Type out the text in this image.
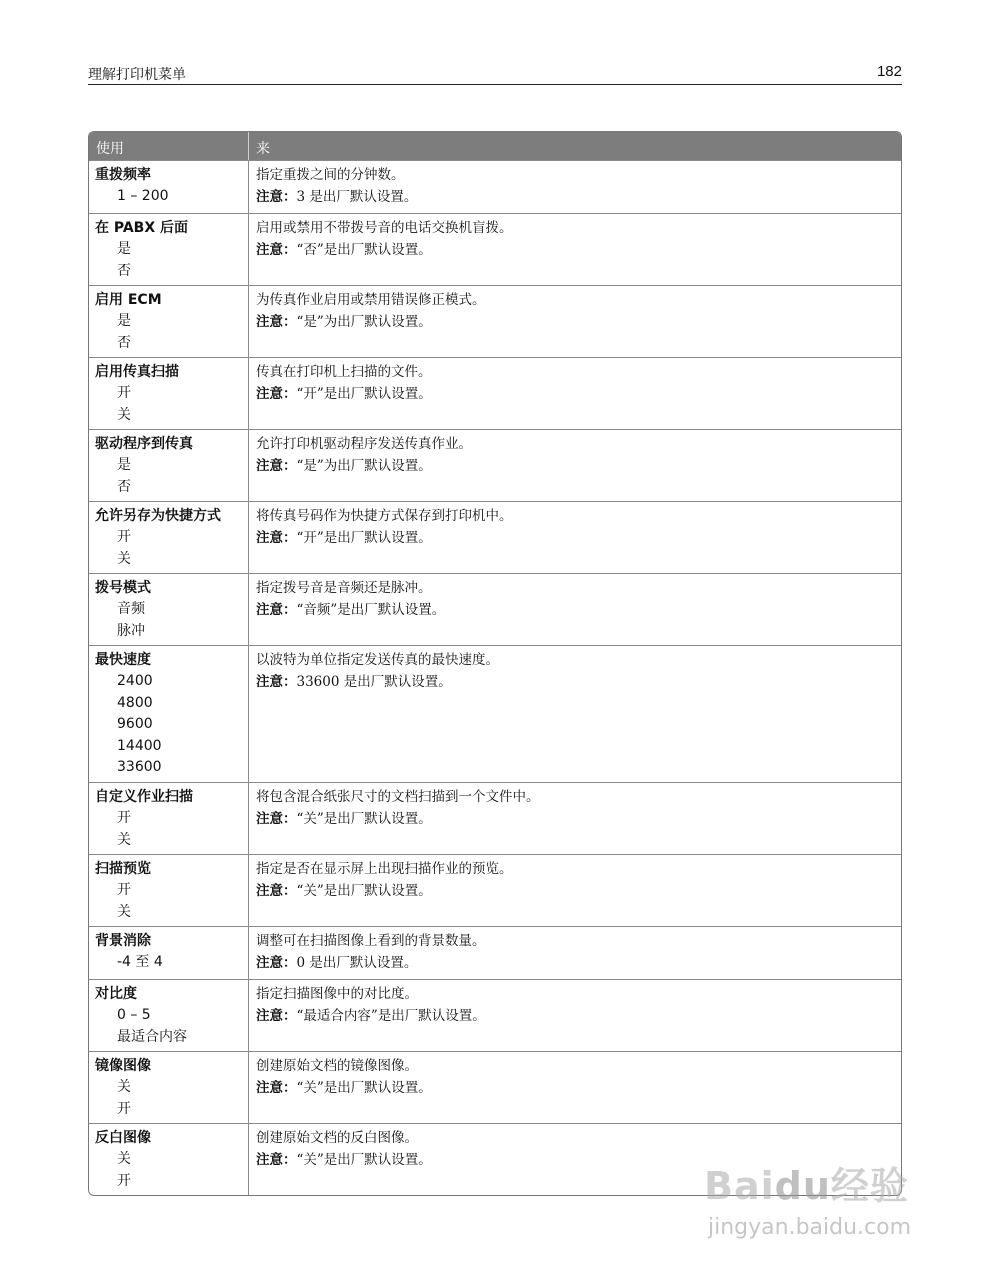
理解打印机菜单	182
使用	来
重拨频率
1 – 200
指定重拨之间的分钟数。
注意：3 是出厂默认设置。
在 PABX 后面
是
否
启用或禁用不带拨号音的电话交换机盲拨。
注意：“否”是出厂默认设置。
启用 ECM
是
否
为传真作业启用或禁用错误修正模式。
注意：“是”为出厂默认设置。
启用传真扫描
开
关
传真在打印机上扫描的文件。
注意：“开”是出厂默认设置。
驱动程序到传真
是
否
允许打印机驱动程序发送传真作业。
注意：“是”为出厂默认设置。
允许另存为快捷方式
开
关
将传真号码作为快捷方式保存到打印机中。
注意：“开”是出厂默认设置。
拨号模式
音频
脉冲
指定拨号音是音频还是脉冲。
注意：“音频”是出厂默认设置。
最快速度
2400
4800
9600
14400
33600
以波特为单位指定发送传真的最快速度。
注意：33600 是出厂默认设置。
自定义作业扫描
开
关
将包含混合纸张尺寸的文档扫描到一个文件中。
注意：“关”是出厂默认设置。
扫描预览
开
关
指定是否在显示屏上出现扫描作业的预览。
注意：“关”是出厂默认设置。
背景消除
-4 至 4
调整可在扫描图像上看到的背景数量。
注意：0 是出厂默认设置。
对比度
0 – 5
最适合内容
指定扫描图像中的对比度。
注意：“最适合内容”是出厂默认设置。
镜像图像
关
开
创建原始文档的镜像图像。
注意：“关”是出厂默认设置。
反白图像
关
开
创建原始文档的反白图像。
注意：“关”是出厂默认设置。
Baidu经验
jingyan.baidu.com
